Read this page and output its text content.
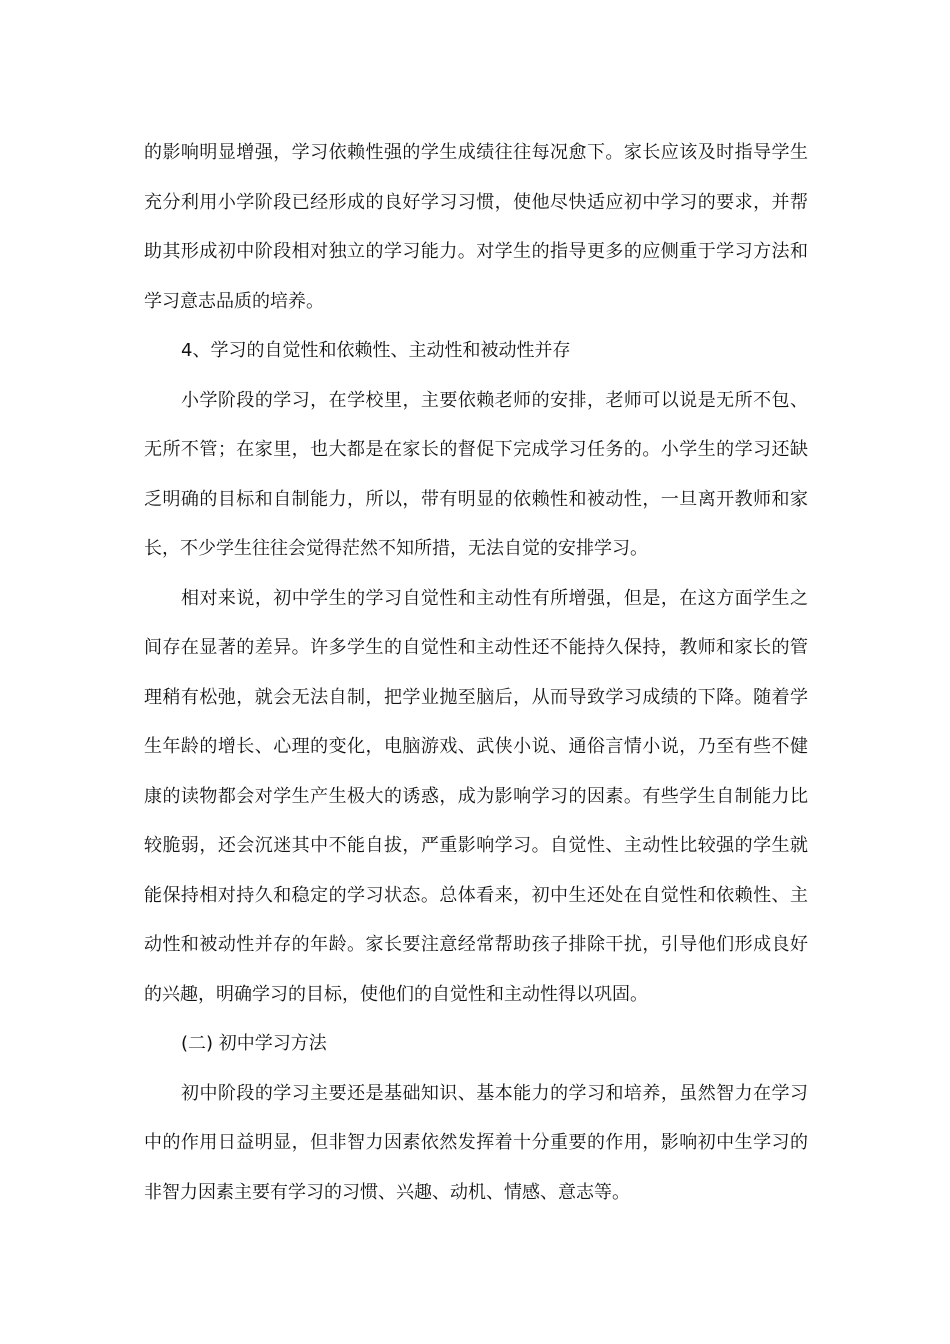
的影响明显增强，学习依赖性强的学生成绩往往每况愈下。家长应该及时指导学生充分利用小学阶段已经形成的良好学习习惯，使他尽快适应初中学习的要求，并帮助其形成初中阶段相对独立的学习能力。对学生的指导更多的应侧重于学习方法和学习意志品质的培养。

4、学习的自觉性和依赖性、主动性和被动性并存

小学阶段的学习，在学校里，主要依赖老师的安排，老师可以说是无所不包、无所不管；在家里，也大都是在家长的督促下完成学习任务的。小学生的学习还缺乏明确的目标和自制能力，所以，带有明显的依赖性和被动性，一旦离开教师和家长，不少学生往往会觉得茫然不知所措，无法自觉的安排学习。

相对来说，初中学生的学习自觉性和主动性有所增强，但是，在这方面学生之间存在显著的差异。许多学生的自觉性和主动性还不能持久保持，教师和家长的管理稍有松弛，就会无法自制，把学业抛至脑后，从而导致学习成绩的下降。随着学生年龄的增长、心理的变化，电脑游戏、武侠小说、通俗言情小说，乃至有些不健康的读物都会对学生产生极大的诱惑，成为影响学习的因素。有些学生自制能力比较脆弱，还会沉迷其中不能自拔，严重影响学习。自觉性、主动性比较强的学生就能保持相对持久和稳定的学习状态。总体看来，初中生还处在自觉性和依赖性、主动性和被动性并存的年龄。家长要注意经常帮助孩子排除干扰，引导他们形成良好的兴趣，明确学习的目标，使他们的自觉性和主动性得以巩固。

(二) 初中学习方法

初中阶段的学习主要还是基础知识、基本能力的学习和培养，虽然智力在学习中的作用日益明显，但非智力因素依然发挥着十分重要的作用，影响初中生学习的非智力因素主要有学习的习惯、兴趣、动机、情感、意志等。
